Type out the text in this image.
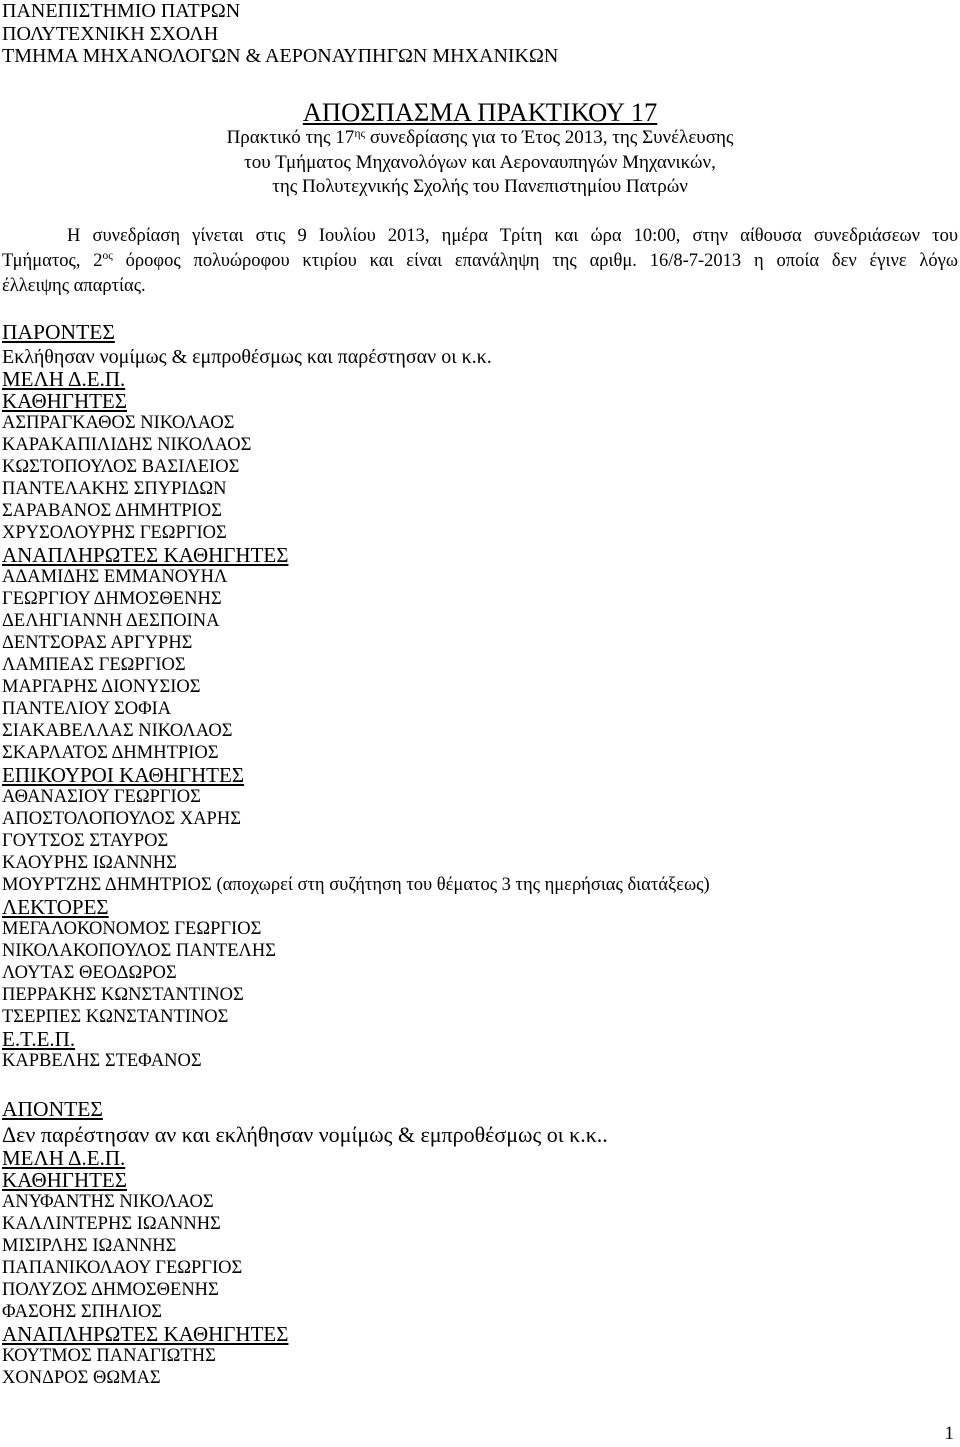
ΠΑΝΕΠΙΣΤΗΜΙΟ ΠΑΤΡΩΝ
ΠΟΛΥΤΕΧΝΙΚΗ ΣΧΟΛΗ
ΤΜΗΜΑ ΜΗΧΑΝΟΛΟΓΩΝ & ΑΕΡΟΝΑΥΠΗΓΩΝ ΜΗΧΑΝΙΚΩΝ
ΑΠΟΣΠΑΣΜΑ ΠΡΑΚΤΙΚΟΥ 17
Πρακτικό της $17^{\eta\varsigma}$ συνεδρίασης για το Έτος 2013, της Συνέλευσης
του Τμήματος Μηχανολόγων και Αεροναυπηγών Μηχανικών,
της Πολυτεχνικής Σχολής του Πανεπιστημίου Πατρών
Η συνεδρίαση γίνεται στις 9 Ιουλίου 2013, ημέρα Τρίτη και ώρα 10:00, στην αίθουσα συνεδριάσεων του
Τμήματος, $2^{o\varsigma}$ όροφος πολυώροφου κτιρίου και είναι επανάληψη της αριθμ. 16/8-7-2013 η οποία δεν έγινε λόγω
έλλειψης απαρτίας.
ΠΑΡΟΝΤΕΣ
Εκλήθησαν νομίμως & εμπροθέσμως και παρέστησαν οι κ.κ.
ΜΕΛΗ Δ.Ε.Π.
ΚΑΘΗΓΗΤΕΣ
ΑΣΠΡΑΓΚΑΘΟΣ ΝΙΚΟΛΑΟΣ
ΚΑΡΑΚΑΠΙΛΙΔΗΣ ΝΙΚΟΛΑΟΣ
ΚΩΣΤΟΠΟΥΛΟΣ ΒΑΣΙΛΕΙΟΣ
ΠΑΝΤΕΛΑΚΗΣ ΣΠΥΡΙΔΩΝ
ΣΑΡΑΒΑΝΟΣ ΔΗΜΗΤΡΙΟΣ
ΧΡΥΣΟΛΟΥΡΗΣ ΓΕΩΡΓΙΟΣ
ΑΝΑΠΛΗΡΩΤΕΣ ΚΑΘΗΓΗΤΕΣ
ΑΔΑΜΙΔΗΣ ΕΜΜΑΝΟΥΗΛ
ΓΕΩΡΓΙΟΥ ΔΗΜΟΣΘΕΝΗΣ
ΔΕΛΗΓΙΑΝΝΗ ΔΕΣΠΟΙΝΑ
ΔΕΝΤΣΟΡΑΣ ΑΡΓΥΡΗΣ
ΛΑΜΠΕΑΣ ΓΕΩΡΓΙΟΣ
ΜΑΡΓΑΡΗΣ ΔΙΟΝΥΣΙΟΣ
ΠΑΝΤΕΛΙΟΥ ΣΟΦΙΑ
ΣΙΑΚΑΒΕΛΛΑΣ ΝΙΚΟΛΑΟΣ
ΣΚΑΡΛΑΤΟΣ ΔΗΜΗΤΡΙΟΣ
ΕΠΙΚΟΥΡΟΙ ΚΑΘΗΓΗΤΕΣ
ΑΘΑΝΑΣΙΟΥ ΓΕΩΡΓΙΟΣ
ΑΠΟΣΤΟΛΟΠΟΥΛΟΣ ΧΑΡΗΣ
ΓΟΥΤΣΟΣ ΣΤΑΥΡΟΣ
ΚΑΟΥΡΗΣ ΙΩΑΝΝΗΣ
ΜΟΥΡΤΖΗΣ ΔΗΜΗΤΡΙΟΣ (αποχωρεί στη συζήτηση του θέματος 3 της ημερήσιας διατάξεως)
ΛΕΚΤΟΡΕΣ
ΜΕΓΑΛΟΚΟΝΟΜΟΣ ΓΕΩΡΓΙΟΣ
ΝΙΚΟΛΑΚΟΠΟΥΛΟΣ ΠΑΝΤΕΛΗΣ
ΛΟΥΤΑΣ ΘΕΟΔΩΡΟΣ
ΠΕΡΡΑΚΗΣ ΚΩΝΣΤΑΝΤΙΝΟΣ
ΤΣΕΡΠΕΣ ΚΩΝΣΤΑΝΤΙΝΟΣ
Ε.Τ.Ε.Π.
ΚΑΡΒΕΛΗΣ ΣΤΕΦΑΝΟΣ
ΑΠΟΝΤΕΣ
Δεν παρέστησαν αν και εκλήθησαν νομίμως & εμπροθέσμως οι κ.κ..
ΜΕΛΗ Δ.Ε.Π.
ΚΑΘΗΓΗΤΕΣ
ΑΝΥΦΑΝΤΗΣ ΝΙΚΟΛΑΟΣ
ΚΑΛΛΙΝΤΕΡΗΣ ΙΩΑΝΝΗΣ
ΜΙΣΙΡΛΗΣ ΙΩΑΝΝΗΣ
ΠΑΠΑΝΙΚΟΛΑΟΥ ΓΕΩΡΓΙΟΣ
ΠΟΛΥΖΟΣ ΔΗΜΟΣΘΕΝΗΣ
ΦΑΣΟΗΣ ΣΠΗΛΙΟΣ
ΑΝΑΠΛΗΡΩΤΕΣ ΚΑΘΗΓΗΤΕΣ
ΚΟΥΤΜΟΣ ΠΑΝΑΓΙΩΤΗΣ
ΧΟΝΔΡΟΣ ΘΩΜΑΣ
1
